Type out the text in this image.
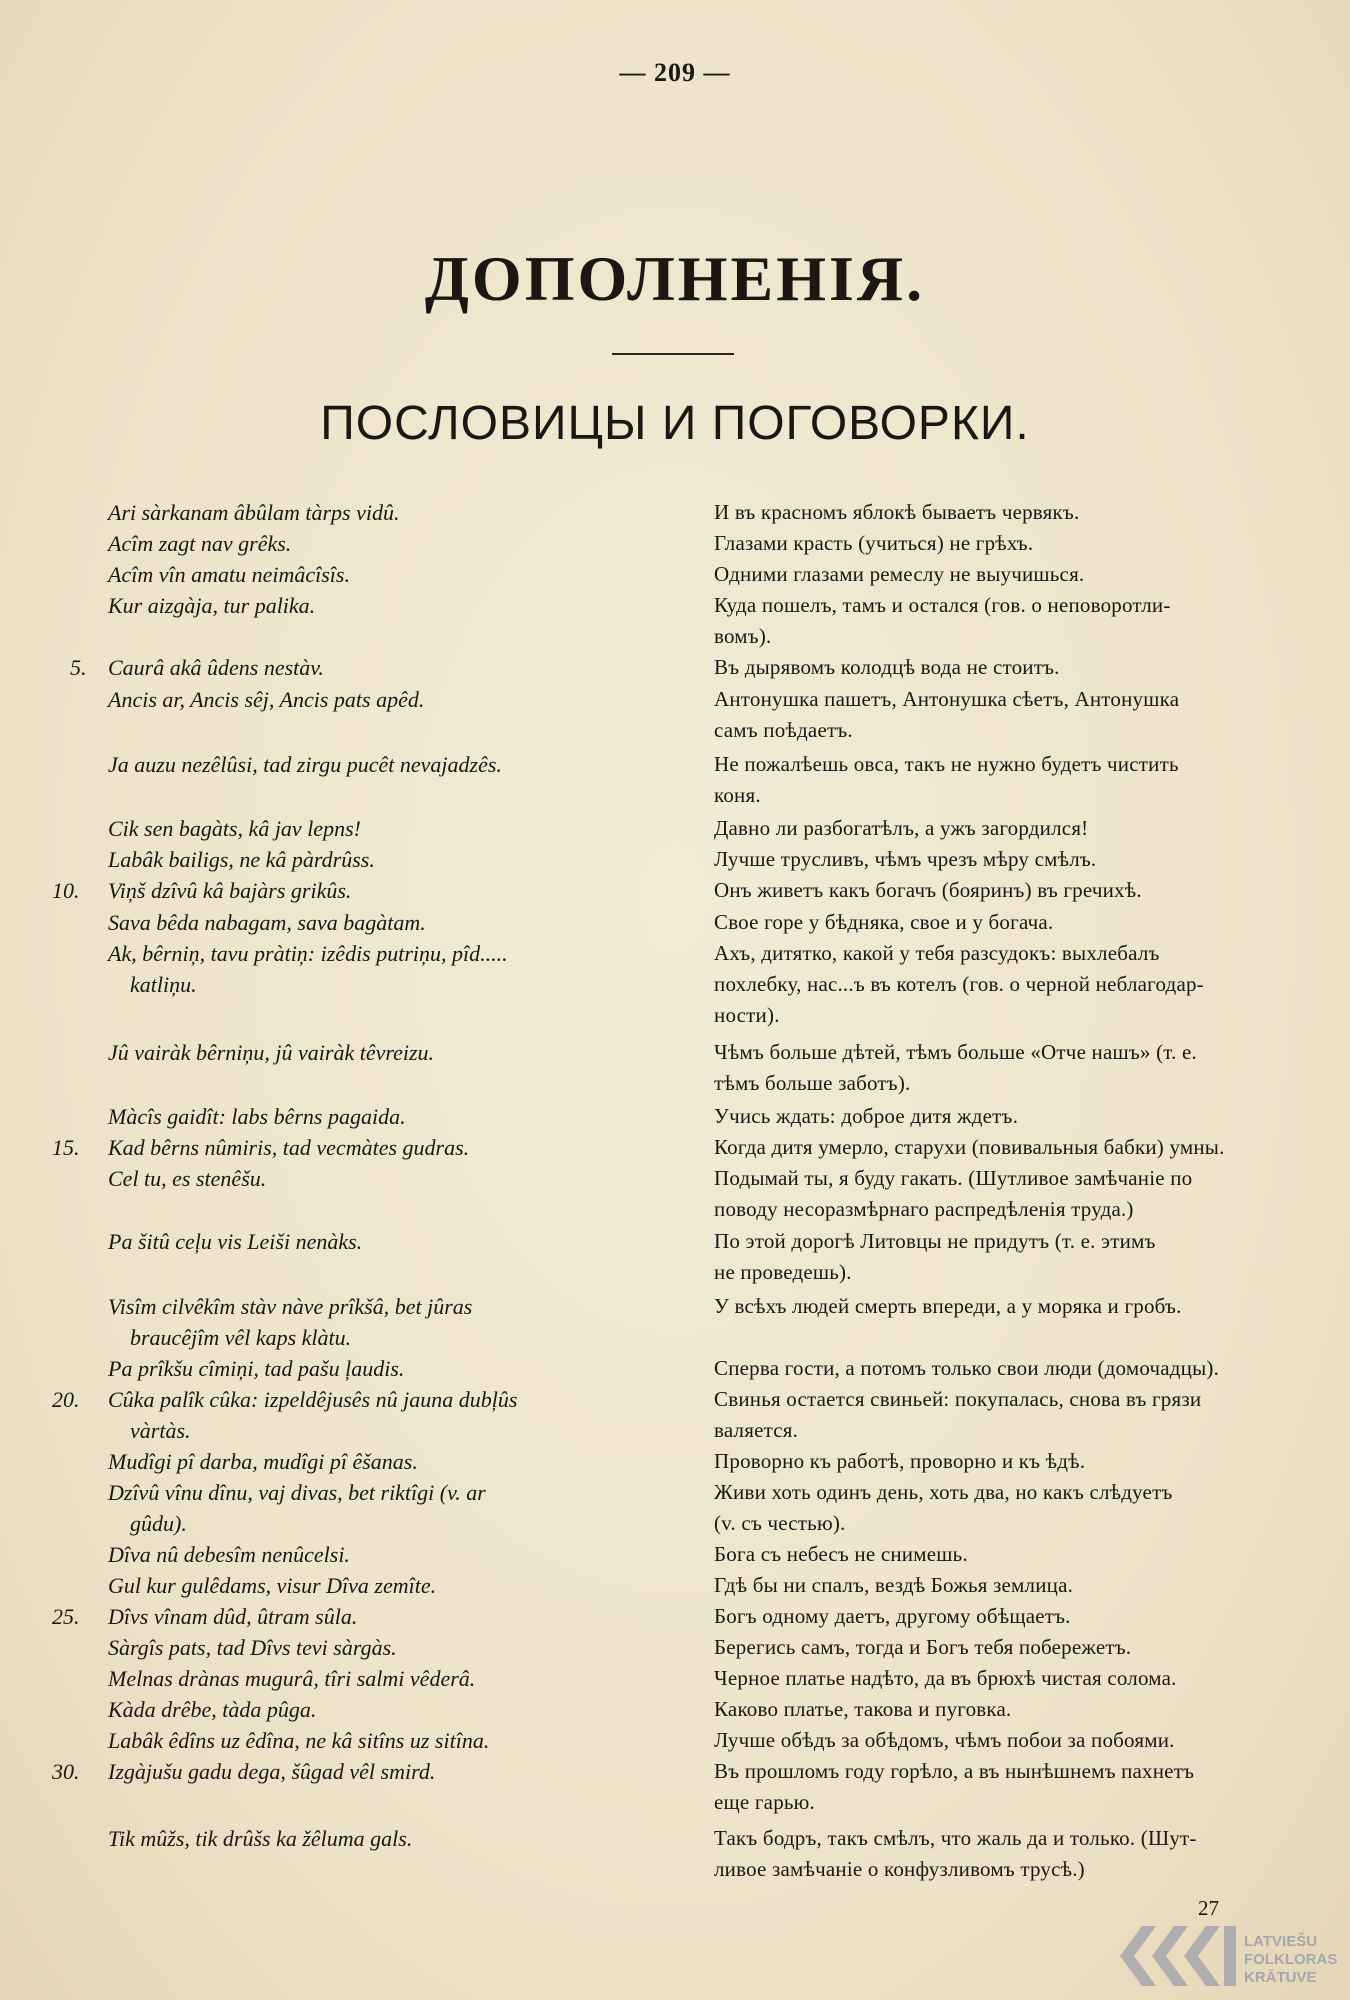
— 209 —
ДОПОЛНЕНІЯ.
ПОСЛОВИЦЫ И ПОГОВОРКИ.
Ari sàrkanam âbûlam tàrps vidû.
Acîm zagt nav grêks.
Acîm vîn amatu neimâcîsîs.
Kur aizgàja, tur palika.
5. Caurâ akâ ûdens nestàv.
Ancis ar, Ancis sêj, Ancis pats apêd.
Ja auzu nezêlûsi, tad zirgu pucêt nevajadzês.
Cik sen bagàts, kâ jav lepns!
Labâk bailigs, ne kâ pàrdrûss.
10. Viņš dzîvû kâ bajàrs grikûs.
Sava bêda nabagam, sava bagàtam.
Ak, bêrniņ, tavu pràtiņ: izêdis putriņu, pîd.....
katliņu.
Jû vairàk bêrniņu, jû vairàk têvreizu.
Màcîs gaidît: labs bêrns pagaida.
15. Kad bêrns nûmiris, tad vecmàtes gudras.
Cel tu, es stenêšu.
Pa šitû ceļu vis Leiši nenàks.
Visîm cilvêkîm stàv nàve prîkšâ, bet jûras
braucêjîm vêl kaps klàtu.
Pa prîkšu cîmiņi, tad pašu ļaudis.
20. Cûka palîk cûka: izpeldêjusês nû jauna dubļûs
vàrtàs.
Mudîgi pî darba, mudîgi pî êšanas.
Dzîvû vînu dînu, vaj divas, bet riktîgi (v. ar
gûdu).
Dîva nû debesîm nenûcelsi.
Gul kur gulêdams, visur Dîva zemîte.
25. Dîvs vînam dûd, ûtram sûla.
Sàrgîs pats, tad Dîvs tevi sàrgàs.
Melnas drànas mugurâ, tîri salmi vêderâ.
Kàda drêbe, tàda pûga.
Labâk êdîns uz êdîna, ne kâ sitîns uz sitîna.
30. Izgàjušu gadu dega, šûgad vêl smird.
Tik mûžs, tik drûšs ka žêluma gals.
И въ красномъ яблокѣ бываетъ червякъ.
Глазами красть (учиться) не грѣхъ.
Одними глазами ремеслу не выучишься.
Куда пошелъ, тамъ и остался (гов. о неповоротли-
вомъ).
Въ дырявомъ колодцѣ вода не стоитъ.
Антонушка пашетъ, Антонушка сѣетъ, Антонушка
самъ поѣдаетъ.
Не пожалѣешь овса, такъ не нужно будетъ чистить
коня.
Давно ли разбогатѣлъ, а ужъ загордился!
Лучше трусливъ, чѣмъ чрезъ мѣру смѣлъ.
Онъ живетъ какъ богачъ (бояринъ) въ гречихѣ.
Свое горе у бѣдняка, свое и у богача.
Ахъ, дитятко, какой у тебя разсудокъ: выхлебалъ
похлебку, нас...ъ въ котелъ (гов. о черной неблагодар-
ности).
Чѣмъ больше дѣтей, тѣмъ больше «Отче нашъ» (т. е.
тѣмъ больше заботъ).
Учись ждать: доброе дитя ждетъ.
Когда дитя умерло, старухи (повивальныя бабки) умны.
Подымай ты, я буду гакать. (Шутливое замѣчаніе по
поводу несоразмѣрнаго распредѣленія труда.)
По этой дорогѣ Литовцы не придутъ (т. е. этимъ
не проведешь).
У всѣхъ людей смерть впереди, а у моряка и гробъ.
Сперва гости, а потомъ только свои люди (домочадцы).
Свинья остается свиньей: покупалась, снова въ грязи
валяется.
Проворно къ работѣ, проворно и къ ѣдѣ.
Живи хоть одинъ день, хоть два, но какъ слѣдуетъ
(v. съ честью).
Бога съ небесъ не снимешь.
Гдѣ бы ни спалъ, вездѣ Божья землица.
Богъ одному даетъ, другому обѣщаетъ.
Берегись самъ, тогда и Богъ тебя побережетъ.
Черное платье надѣто, да въ брюхѣ чистая солома.
Каково платье, такова и пуговка.
Лучше обѣдъ за обѣдомъ, чѣмъ побои за побоями.
Въ прошломъ году горѣло, а въ нынѣшнемъ пахнетъ
еще гарью.
Такъ бодръ, такъ смѣлъ, что жаль да и только. (Шут-
ливое замѣчаніе о конфузливомъ трусѣ.)
27
LATVIEŠU
FOLKLORAS
KRĀTUVE
